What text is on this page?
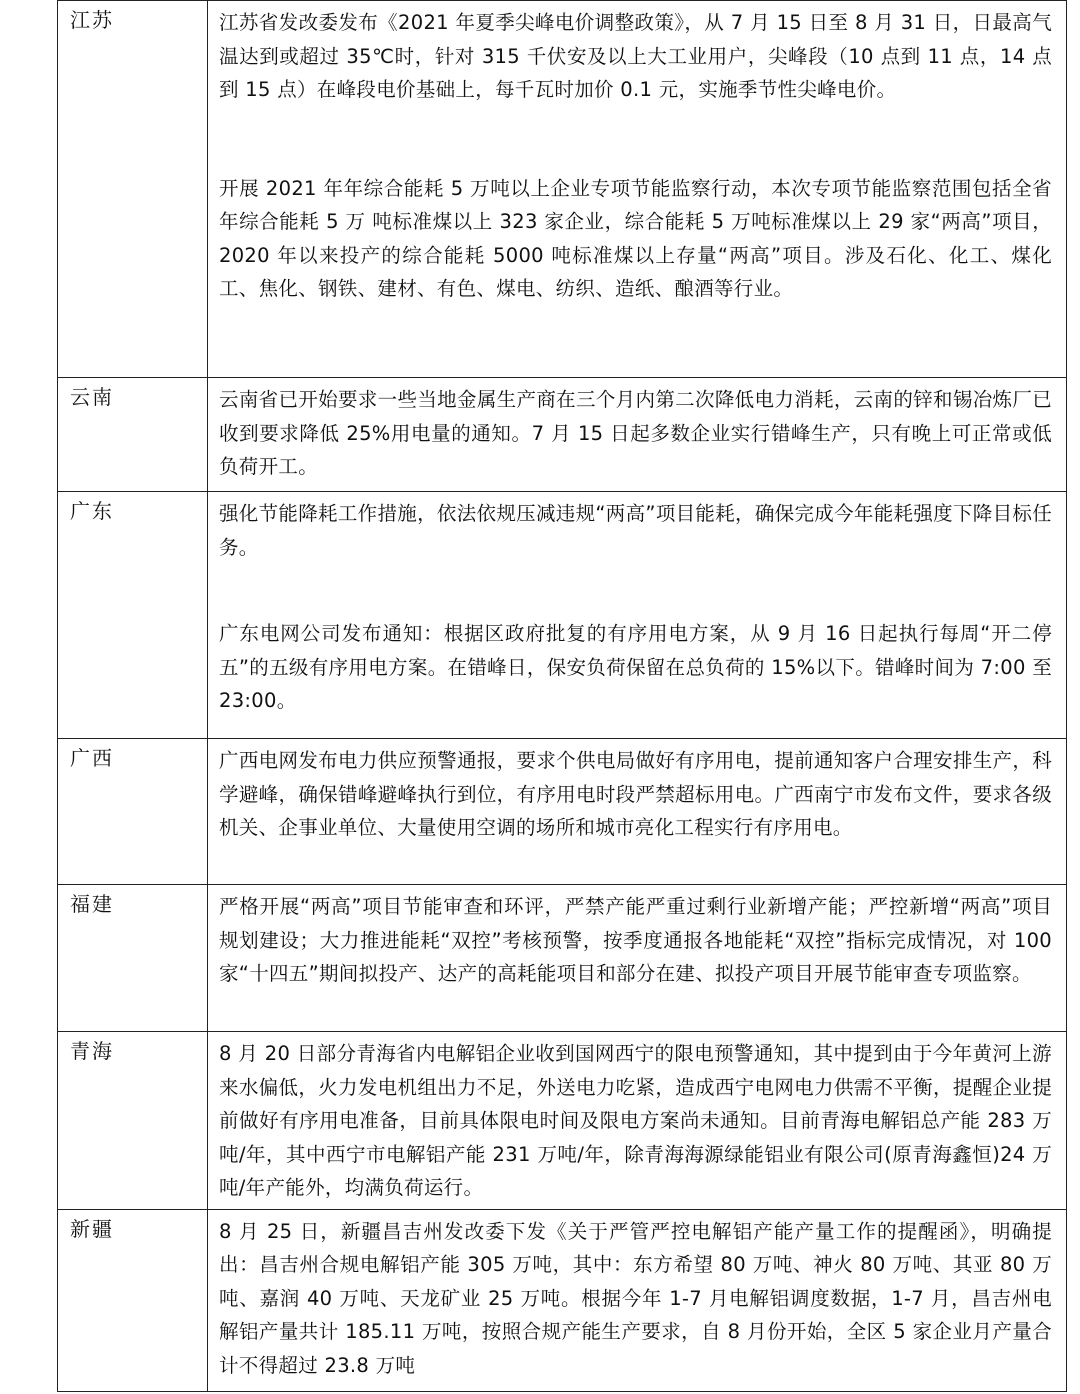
江苏	江苏省发改委发布《2021 年夏季尖峰电价调整政策》，从 7 月 15 日至 8 月 31 日，日最高气温达到或超过 35℃时，针对 315 千伏安及以上大工业用户，尖峰段（10 点到 11 点，14 点到 15 点）在峰段电价基础上，每千瓦时加价 0.1 元，实施季节性尖峰电价。

开展 2021 年年综合能耗 5 万吨以上企业专项节能监察行动，本次专项节能监察范围包括全省年综合能耗 5 万 吨标准煤以上 323 家企业，综合能耗 5 万吨标准煤以上 29 家“两高”项目，2020 年以来投产的综合能耗 5000 吨标准煤以上存量“两高”项目。涉及石化、化工、煤化工、焦化、钢铁、建材、有色、煤电、纺织、造纸、酿酒等行业。

云南	云南省已开始要求一些当地金属生产商在三个月内第二次降低电力消耗，云南的锌和锡冶炼厂已收到要求降低 25%用电量的通知。7 月 15 日起多数企业实行错峰生产，只有晚上可正常或低负荷开工。

广东	强化节能降耗工作措施，依法依规压减违规“两高”项目能耗，确保完成今年能耗强度下降目标任务。

广东电网公司发布通知：根据区政府批复的有序用电方案，从 9 月 16 日起执行每周“开二停五”的五级有序用电方案。在错峰日，保安负荷保留在总负荷的 15%以下。错峰时间为 7:00 至 23:00。

广西	广西电网发布电力供应预警通报，要求个供电局做好有序用电，提前通知客户合理安排生产，科学避峰，确保错峰避峰执行到位，有序用电时段严禁超标用电。广西南宁市发布文件，要求各级机关、企事业单位、大量使用空调的场所和城市亮化工程实行有序用电。

福建	严格开展“两高”项目节能审查和环评，严禁产能严重过剩行业新增产能；严控新增“两高”项目规划建设；大力推进能耗“双控”考核预警，按季度通报各地能耗“双控”指标完成情况，对 100 家“十四五”期间拟投产、达产的高耗能项目和部分在建、拟投产项目开展节能审查专项监察。

青海	8 月 20 日部分青海省内电解铝企业收到国网西宁的限电预警通知，其中提到由于今年黄河上游来水偏低，火力发电机组出力不足，外送电力吃紧，造成西宁电网电力供需不平衡，提醒企业提前做好有序用电准备，目前具体限电时间及限电方案尚未通知。目前青海电解铝总产能 283 万吨/年，其中西宁市电解铝产能 231 万吨/年，除青海海源绿能铝业有限公司(原青海鑫恒)24 万吨/年产能外，均满负荷运行。

新疆	8 月 25 日，新疆昌吉州发改委下发《关于严管严控电解铝产能产量工作的提醒函》，明确提出：昌吉州合规电解铝产能 305 万吨，其中：东方希望 80 万吨、神火 80 万吨、其亚 80 万吨、嘉润 40 万吨、天龙矿业 25 万吨。根据今年 1-7 月电解铝调度数据，1-7 月，昌吉州电解铝产量共计 185.11 万吨，按照合规产能生产要求，自 8 月份开始，全区 5 家企业月产量合计不得超过 23.8 万吨
